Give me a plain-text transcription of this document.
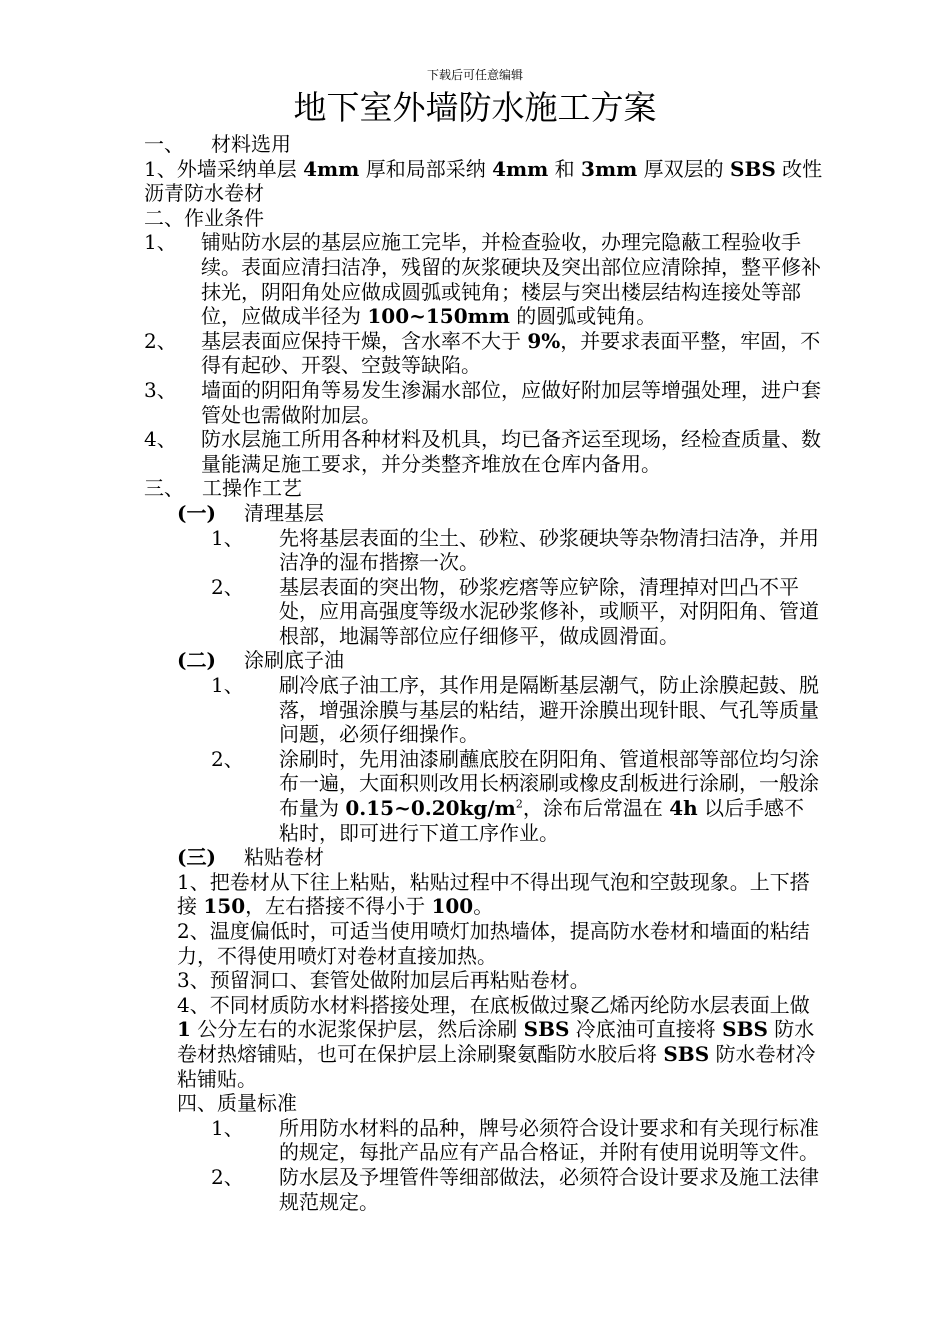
下载后可任意编辑
地下室外墙防水施工方案
一、	材料选用
1、外墙采纳单层 4mm 厚和局部采纳 4mm 和 3mm 厚双层的 SBS 改性沥青防水卷材
二、作业条件
1、	铺贴防水层的基层应施工完毕，并检查验收，办理完隐蔽工程验收手续。表面应清扫洁净，残留的灰浆硬块及突出部位应清除掉，整平修补抹光，阴阳角处应做成圆弧或钝角；楼层与突出楼层结构连接处等部位，应做成半径为 100~150mm 的圆弧或钝角。
2、	基层表面应保持干燥，含水率不大于 9%，并要求表面平整，牢固，不得有起砂、开裂、空鼓等缺陷。
3、	墙面的阴阳角等易发生渗漏水部位，应做好附加层等增强处理，进户套管处也需做附加层。
4、	防水层施工所用各种材料及机具，均已备齐运至现场，经检查质量、数量能满足施工要求，并分类整齐堆放在仓库内备用。
三、 工操作工艺
(一)	清理基层
1、	先将基层表面的尘土、砂粒、砂浆硬块等杂物清扫洁净，并用洁净的湿布揩擦一次。
2、	基层表面的突出物，砂浆疙瘩等应铲除，清理掉对凹凸不平处，应用高强度等级水泥砂浆修补，或顺平，对阴阳角、管道根部，地漏等部位应仔细修平，做成圆滑面。
(二)	涂刷底子油
1、	刷冷底子油工序，其作用是隔断基层潮气，防止涂膜起鼓、脱落，增强涂膜与基层的粘结，避开涂膜出现针眼、气孔等质量问题，必须仔细操作。
2、	涂刷时，先用油漆刷蘸底胶在阴阳角、管道根部等部位均匀涂布一遍，大面积则改用长柄滚刷或橡皮刮板进行涂刷，一般涂布量为 $0.15\sim 0.20kg/m^2$，涂布后常温在 4h 以后手感不粘时，即可进行下道工序作业。
(三)	粘贴卷材
1、把卷材从下往上粘贴，粘贴过程中不得出现气泡和空鼓现象。上下搭接 150，左右搭接不得小于 100。
2、温度偏低时，可适当使用喷灯加热墙体，提高防水卷材和墙面的粘结力，不得使用喷灯对卷材直接加热。
3、预留洞口、套管处做附加层后再粘贴卷材。
4、不同材质防水材料搭接处理，在底板做过聚乙烯丙纶防水层表面上做 1 公分左右的水泥浆保护层，然后涂刷 SBS 冷底油可直接将 SBS 防水卷材热熔铺贴，也可在保护层上涂刷聚氨酯防水胶后将 SBS 防水卷材冷粘铺贴。
四、质量标准
1、	所用防水材料的品种，牌号必须符合设计要求和有关现行标准的规定，每批产品应有产品合格证，并附有使用说明等文件。
2、	防水层及予埋管件等细部做法，必须符合设计要求及施工法律规范规定。
